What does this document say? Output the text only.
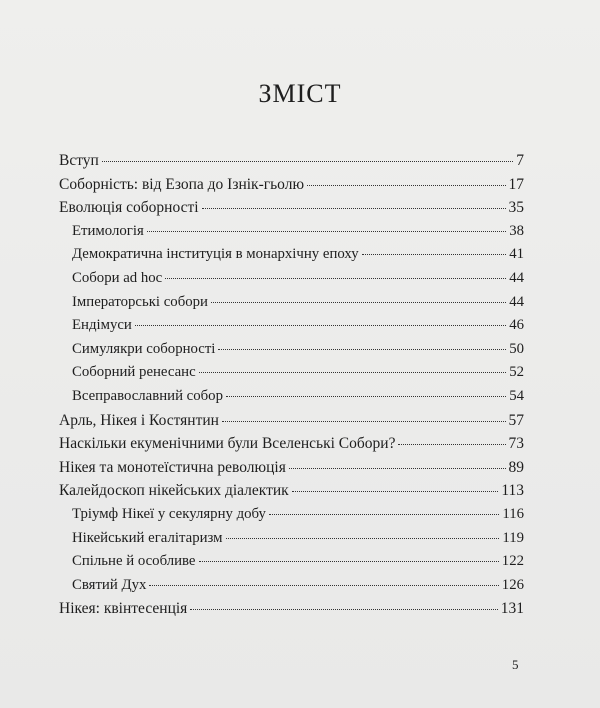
ЗМІСТ
Вступ	7
Соборність: від Езопа до Ізнік-гьолю	17
Еволюція соборності	35
Етимологія	38
Демократична інституція в монархічну епоху	41
Собори ad hoc	44
Імператорські собори	44
Ендімуси	46
Симулякри соборності	50
Соборний ренесанс	52
Всеправославний собор	54
Арль, Нікея і Костянтин	57
Наскільки екуменічними були Вселенські Собори?	73
Нікея та монотеїстична революція	89
Калейдоскоп нікейських діалектик	113
Тріумф Нікеї у секулярну добу	116
Нікейський егалітаризм	119
Спільне й особливе	122
Святий Дух	126
Нікея: квінтесенція	131
5
